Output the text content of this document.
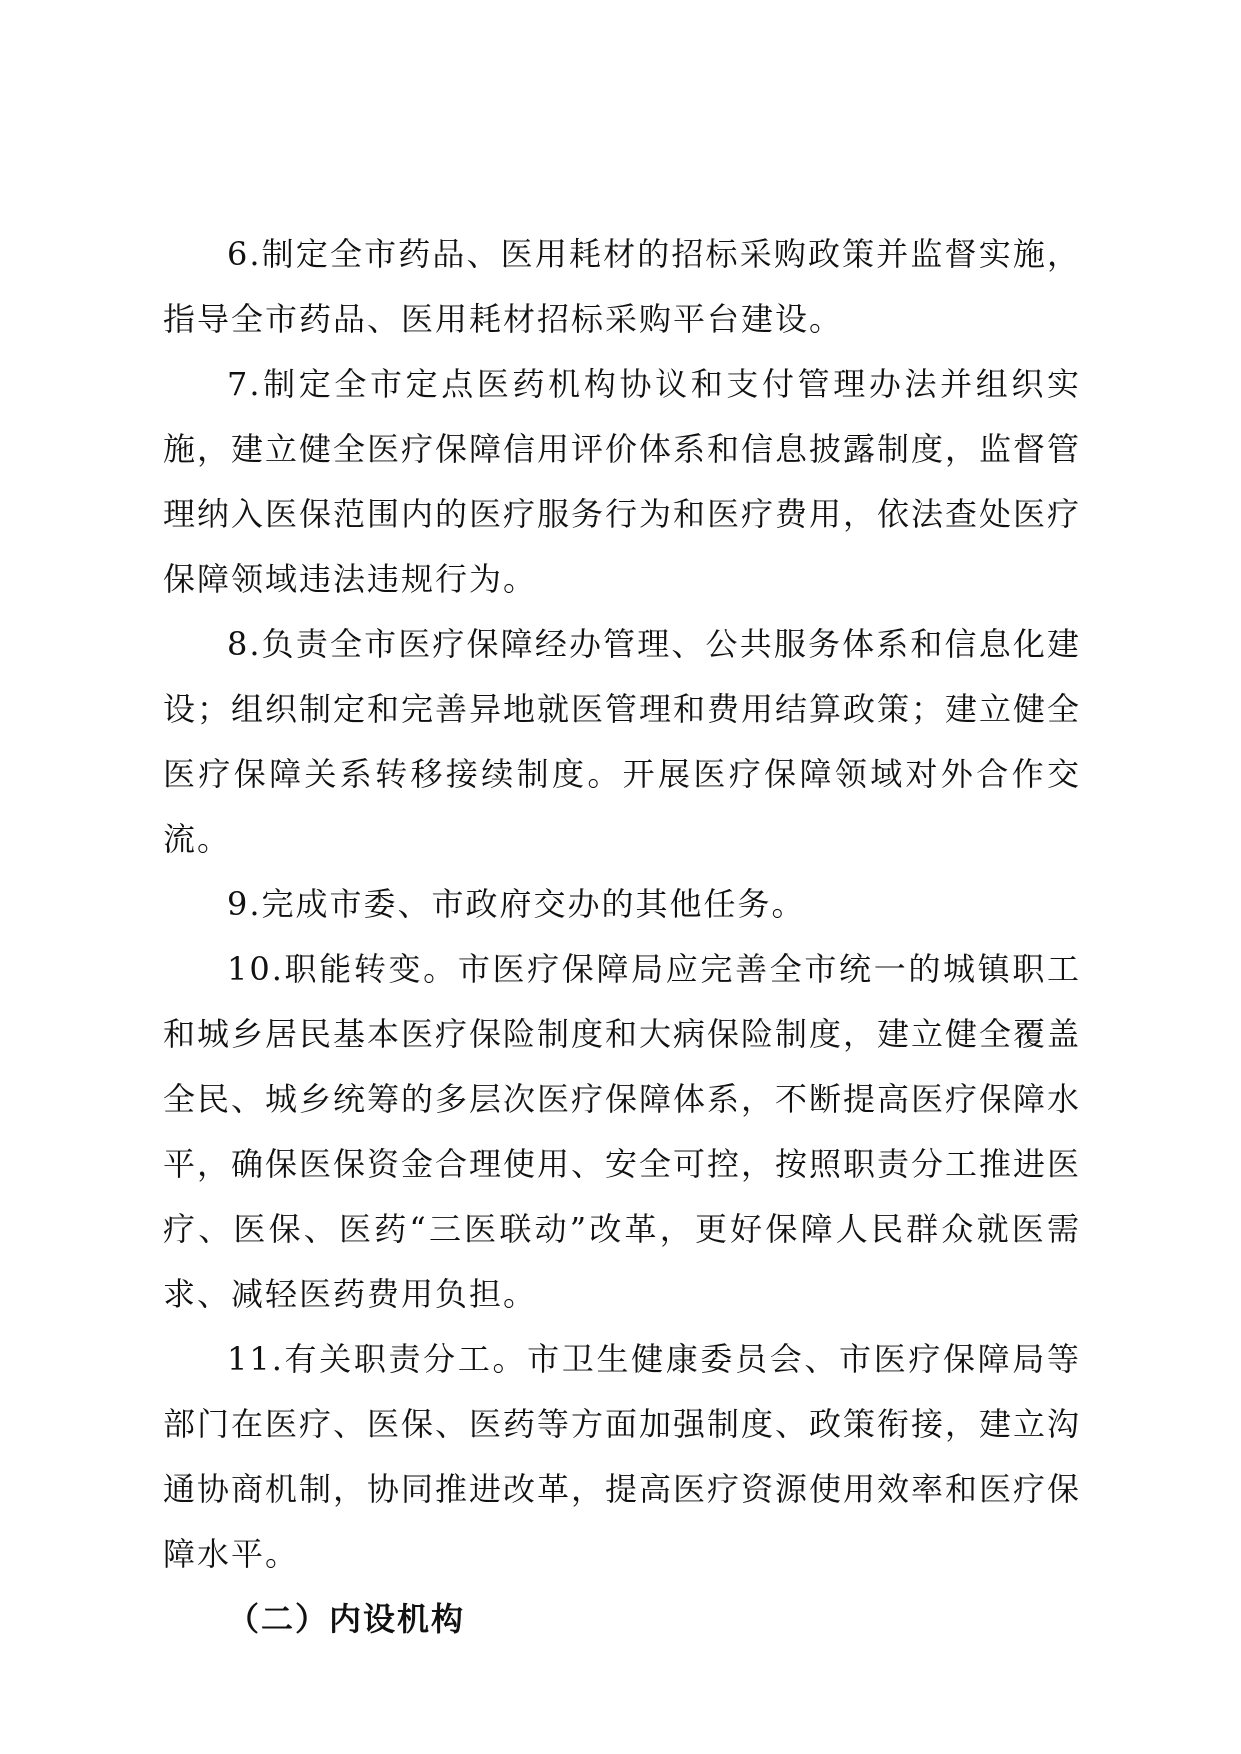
6.制定全市药品、医用耗材的招标采购政策并监督实施，指导全市药品、医用耗材招标采购平台建设。

7.制定全市定点医药机构协议和支付管理办法并组织实施，建立健全医疗保障信用评价体系和信息披露制度，监督管理纳入医保范围内的医疗服务行为和医疗费用，依法查处医疗保障领域违法违规行为。

8.负责全市医疗保障经办管理、公共服务体系和信息化建设；组织制定和完善异地就医管理和费用结算政策；建立健全医疗保障关系转移接续制度。开展医疗保障领域对外合作交流。

9.完成市委、市政府交办的其他任务。

10.职能转变。市医疗保障局应完善全市统一的城镇职工和城乡居民基本医疗保险制度和大病保险制度，建立健全覆盖全民、城乡统筹的多层次医疗保障体系，不断提高医疗保障水平，确保医保资金合理使用、安全可控，按照职责分工推进医疗、医保、医药“三医联动”改革，更好保障人民群众就医需求、减轻医药费用负担。

11.有关职责分工。市卫生健康委员会、市医疗保障局等部门在医疗、医保、医药等方面加强制度、政策衔接，建立沟通协商机制，协同推进改革，提高医疗资源使用效率和医疗保障水平。

（二）内设机构
